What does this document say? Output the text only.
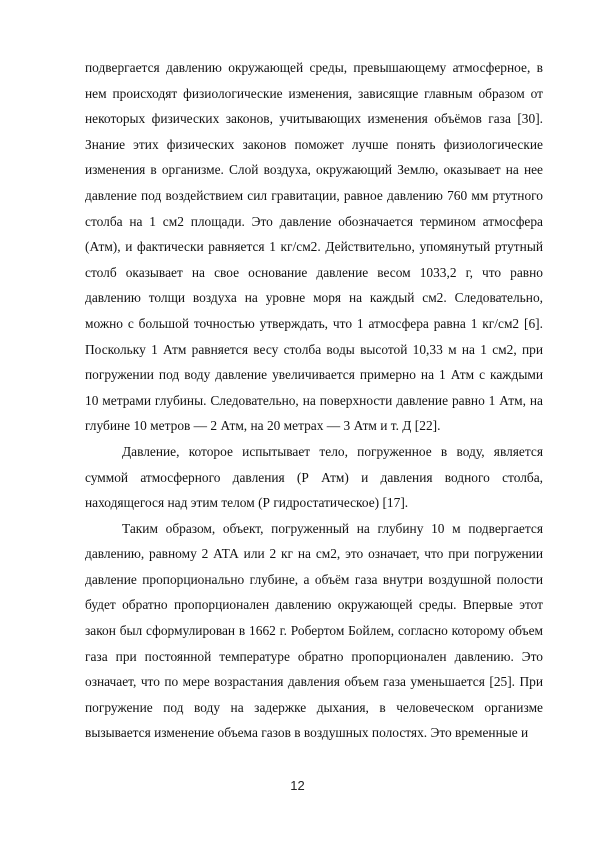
подвергается давлению окружающей среды, превышающему атмосферное, в нем происходят физиологические изменения, зависящие главным образом от некоторых физических законов, учитывающих изменения объёмов газа [30]. Знание этих физических законов поможет лучше понять физиологические изменения в организме. Слой воздуха, окружающий Землю, оказывает на нее давление под воздействием сил гравитации, равное давлению 760 мм ртутного столба на 1 см2 площади. Это давление обозначается термином атмосфера (Атм), и фактически равняется 1 кг/см2. Действительно, упомянутый ртутный столб оказывает на свое основание давление весом 1033,2 г, что равно давлению толщи воздуха на уровне моря на каждый см2. Следовательно, можно с большой точностью утверждать, что 1 атмосфера равна 1 кг/см2 [6]. Поскольку 1 Атм равняется весу столба воды высотой 10,33 м на 1 см2, при погружении под воду давление увеличивается примерно на 1 Атм с каждыми 10 метрами глубины. Следовательно, на поверхности давление равно 1 Атм, на глубине 10 метров — 2 Атм, на 20 метрах — 3 Атм и т. Д [22].

Давление, которое испытывает тело, погруженное в воду, является суммой атмосферного давления (Р Атм) и давления водного столба, находящегося над этим телом (Р гидростатическое) [17].

Таким образом, объект, погруженный на глубину 10 м подвергается давлению, равному 2 АТА или 2 кг на см2, это означает, что при погружении давление пропорционально глубине, а объём газа внутри воздушной полости будет обратно пропорционален давлению окружающей среды. Впервые этот закон был сформулирован в 1662 г. Робертом Бойлем, согласно которому объем газа при постоянной температуре обратно пропорционален давлению. Это означает, что по мере возрастания давления объем газа уменьшается [25]. При погружение под воду на задержке дыхания, в человеческом организме вызывается изменение объема газов в воздушных полостях. Это временные и

12
